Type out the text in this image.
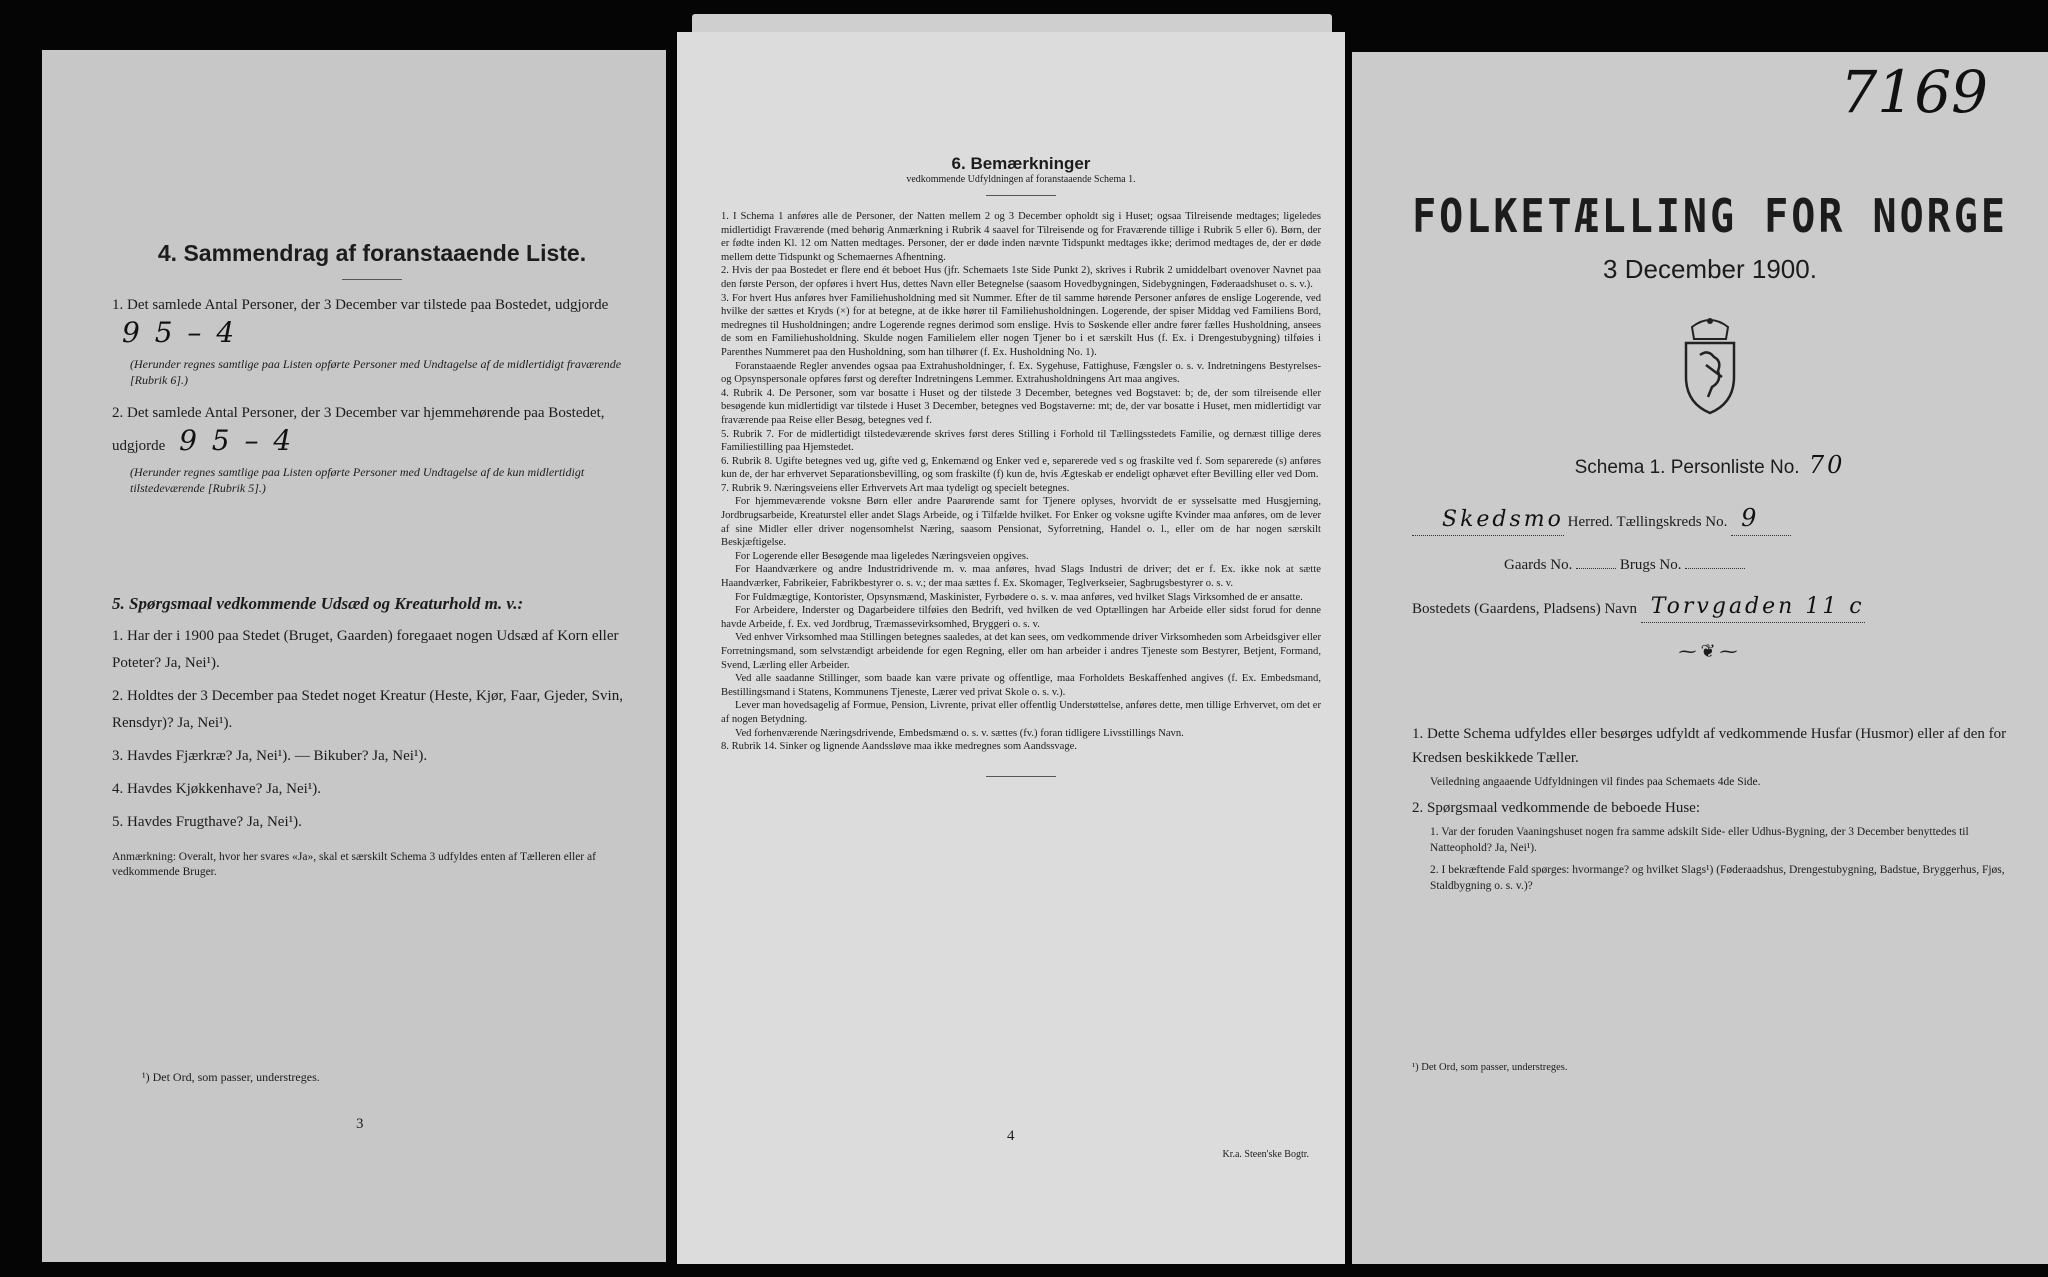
4. Sammendrag af foranstaaende Liste.

1. Det samlede Antal Personer, der 3 December var tilstede paa Bostedet, udgjorde 9 5 – 4

(Herunder regnes samtlige paa Listen opførte Personer med Undtagelse af de midlertidigt fraværende [Rubrik 6].)

2. Det samlede Antal Personer, der 3 December var hjemmehørende paa Bostedet, udgjorde 9 5 – 4

(Herunder regnes samtlige paa Listen opførte Personer med Undtagelse af de kun midlertidigt tilstedeværende [Rubrik 5].)

5. Spørgsmaal vedkommende Udsæd og Kreaturhold m. v.:

1. Har der i 1900 paa Stedet (Bruget, Gaarden) foregaaet nogen Udsæd af Korn eller Poteter? Ja, Nei¹).

2. Holdtes der 3 December paa Stedet noget Kreatur (Heste, Kjør, Faar, Gjeder, Svin, Rensdyr)? Ja, Nei¹).

3. Havdes Fjærkræ? Ja, Nei¹). — Bikuber? Ja, Nei¹).

4. Havdes Kjøkkenhave? Ja, Nei¹).

5. Havdes Frugthave? Ja, Nei¹).

Anmærkning: Overalt, hvor her svares «Ja», skal et særskilt Schema 3 udfyldes enten af Tælleren eller af vedkommende Bruger.

¹) Det Ord, som passer, understreges.
3
6. Bemærkninger
vedkommende Udfyldningen af foranstaaende Schema 1.

1. I Schema 1 anføres alle de Personer, der Natten mellem 2 og 3 December opholdt sig i Huset; ogsaa Tilreisende medtages; ligeledes midlertidigt Fraværende (med behørig Anmærkning i Rubrik 4 saavel for Tilreisende og for Fraværende tillige i Rubrik 5 eller 6). Børn, der er fødte inden Kl. 12 om Natten medtages. Personer, der er døde inden nævnte Tidspunkt medtages ikke; derimod medtages de, der er døde mellem dette Tidspunkt og Schemaernes Afhentning.

2. Hvis der paa Bostedet er flere end ét beboet Hus (jfr. Schemaets 1ste Side Punkt 2), skrives i Rubrik 2 umiddelbart ovenover Navnet paa den første Person, der opføres i hvert Hus, dettes Navn eller Betegnelse (saasom Hovedbygningen, Sidebygningen, Føderaadshuset o. s. v.).

3. For hvert Hus anføres hver Familiehusholdning med sit Nummer. Efter de til samme hørende Personer anføres de enslige Logerende, ved hvilke der sættes et Kryds (×) for at betegne, at de ikke hører til Familiehusholdningen. Logerende, der spiser Middag ved Familiens Bord, medregnes til Husholdningen; andre Logerende regnes derimod som enslige. Hvis to Søskende eller andre fører fælles Husholdning, ansees de som en Familiehusholdning. Skulde nogen Familielem eller nogen Tjener bo i et særskilt Hus (f. Ex. i Drengestubygning) tilføies i Parenthes Nummeret paa den Husholdning, som han tilhører (f. Ex. Husholdning No. 1).

Foranstaaende Regler anvendes ogsaa paa Extrahusholdninger, f. Ex. Sygehuse, Fattighuse, Fængsler o. s. v. Indretningens Bestyrelses- og Opsynspersonale opføres først og derefter Indretningens Lemmer. Extrahusholdningens Art maa angives.

4. Rubrik 4. De Personer, som var bosatte i Huset og der tilstede 3 December, betegnes ved Bogstavet: b; de, der som tilreisende eller besøgende kun midlertidigt var tilstede i Huset 3 December, betegnes ved Bogstaverne: mt; de, der var bosatte i Huset, men midlertidigt var fraværende paa Reise eller Besøg, betegnes ved f.

5. Rubrik 7. For de midlertidigt tilstedeværende skrives først deres Stilling i Forhold til Tællingsstedets Familie, og dernæst tillige deres Familiestilling paa Hjemstedet.

6. Rubrik 8. Ugifte betegnes ved ug, gifte ved g, Enkemænd og Enker ved e, separerede ved s og fraskilte ved f. Som separerede (s) anføres kun de, der har erhvervet Separationsbevilling, og som fraskilte (f) kun de, hvis Ægteskab er endeligt ophævet efter Bevilling eller ved Dom.

7. Rubrik 9. Næringsveiens eller Erhvervets Art maa tydeligt og specielt betegnes.

For hjemmeværende voksne Børn eller andre Paarørende samt for Tjenere oplyses, hvorvidt de er sysselsatte med Husgjerning, Jordbrugsarbeide, Kreaturstel eller andet Slags Arbeide, og i Tilfælde hvilket. For Enker og voksne ugifte Kvinder maa anføres, om de lever af sine Midler eller driver nogensomhelst Næring, saasom Pensionat, Syforretning, Handel o. l., eller om de har nogen særskilt Beskjæftigelse.

For Logerende eller Besøgende maa ligeledes Næringsveien opgives.

For Haandværkere og andre Industridrivende m. v. maa anføres, hvad Slags Industri de driver; det er f. Ex. ikke nok at sætte Haandværker, Fabrikeier, Fabrikbestyrer o. s. v.; der maa sættes f. Ex. Skomager, Teglverkseier, Sagbrugsbestyrer o. s. v.

For Fuldmægtige, Kontorister, Opsynsmænd, Maskinister, Fyrbødere o. s. v. maa anføres, ved hvilket Slags Virksomhed de er ansatte.

For Arbeidere, Inderster og Dagarbeidere tilføies den Bedrift, ved hvilken de ved Optællingen har Arbeide eller sidst forud for denne havde Arbeide, f. Ex. ved Jordbrug, Træmassevirksomhed, Bryggeri o. s. v.

Ved enhver Virksomhed maa Stillingen betegnes saaledes, at det kan sees, om vedkommende driver Virksomheden som Arbeidsgiver eller Forretningsmand, som selvstændigt arbeidende for egen Regning, eller om han arbeider i andres Tjeneste som Bestyrer, Betjent, Formand, Svend, Lærling eller Arbeider.

Ved alle saadanne Stillinger, som baade kan være private og offentlige, maa Forholdets Beskaffenhed angives (f. Ex. Embedsmand, Bestillingsmand i Statens, Kommunens Tjeneste, Lærer ved privat Skole o. s. v.).

Lever man hovedsagelig af Formue, Pension, Livrente, privat eller offentlig Understøttelse, anføres dette, men tillige Erhvervet, om det er af nogen Betydning.

Ved forhenværende Næringsdrivende, Embedsmænd o. s. v. sættes (fv.) foran tidligere Livsstillings Navn.

8. Rubrik 14. Sinker og lignende Aandssløve maa ikke medregnes som Aandssvage.

4
Kr.a. Steen'ske Bogtr.
7169
FOLKETÆLLING FOR NORGE
3 December 1900.
Schema 1. Personliste No. 70

Skedsmo Herred. Tællingskreds No. 9

Gaards No.	Brugs No.

Bostedets (Gaardens, Pladsens) Navn Torvgaden 11 c

⁓❦⁓

1. Dette Schema udfyldes eller besørges udfyldt af vedkommende Husfar (Husmor) eller af den for Kredsen beskikkede Tæller.

Veiledning angaaende Udfyldningen vil findes paa Schemaets 4de Side.

2. Spørgsmaal vedkommende de beboede Huse:

1. Var der foruden Vaaningshuset nogen fra samme adskilt Side- eller Udhus-Bygning, der 3 December benyttedes til Natteophold? Ja, Nei¹).

2. I bekræftende Fald spørges: hvormange? og hvilket Slags¹) (Føderaadshus, Drengestubygning, Badstue, Bryggerhus, Fjøs, Staldbygning o. s. v.)?

¹) Det Ord, som passer, understreges.
